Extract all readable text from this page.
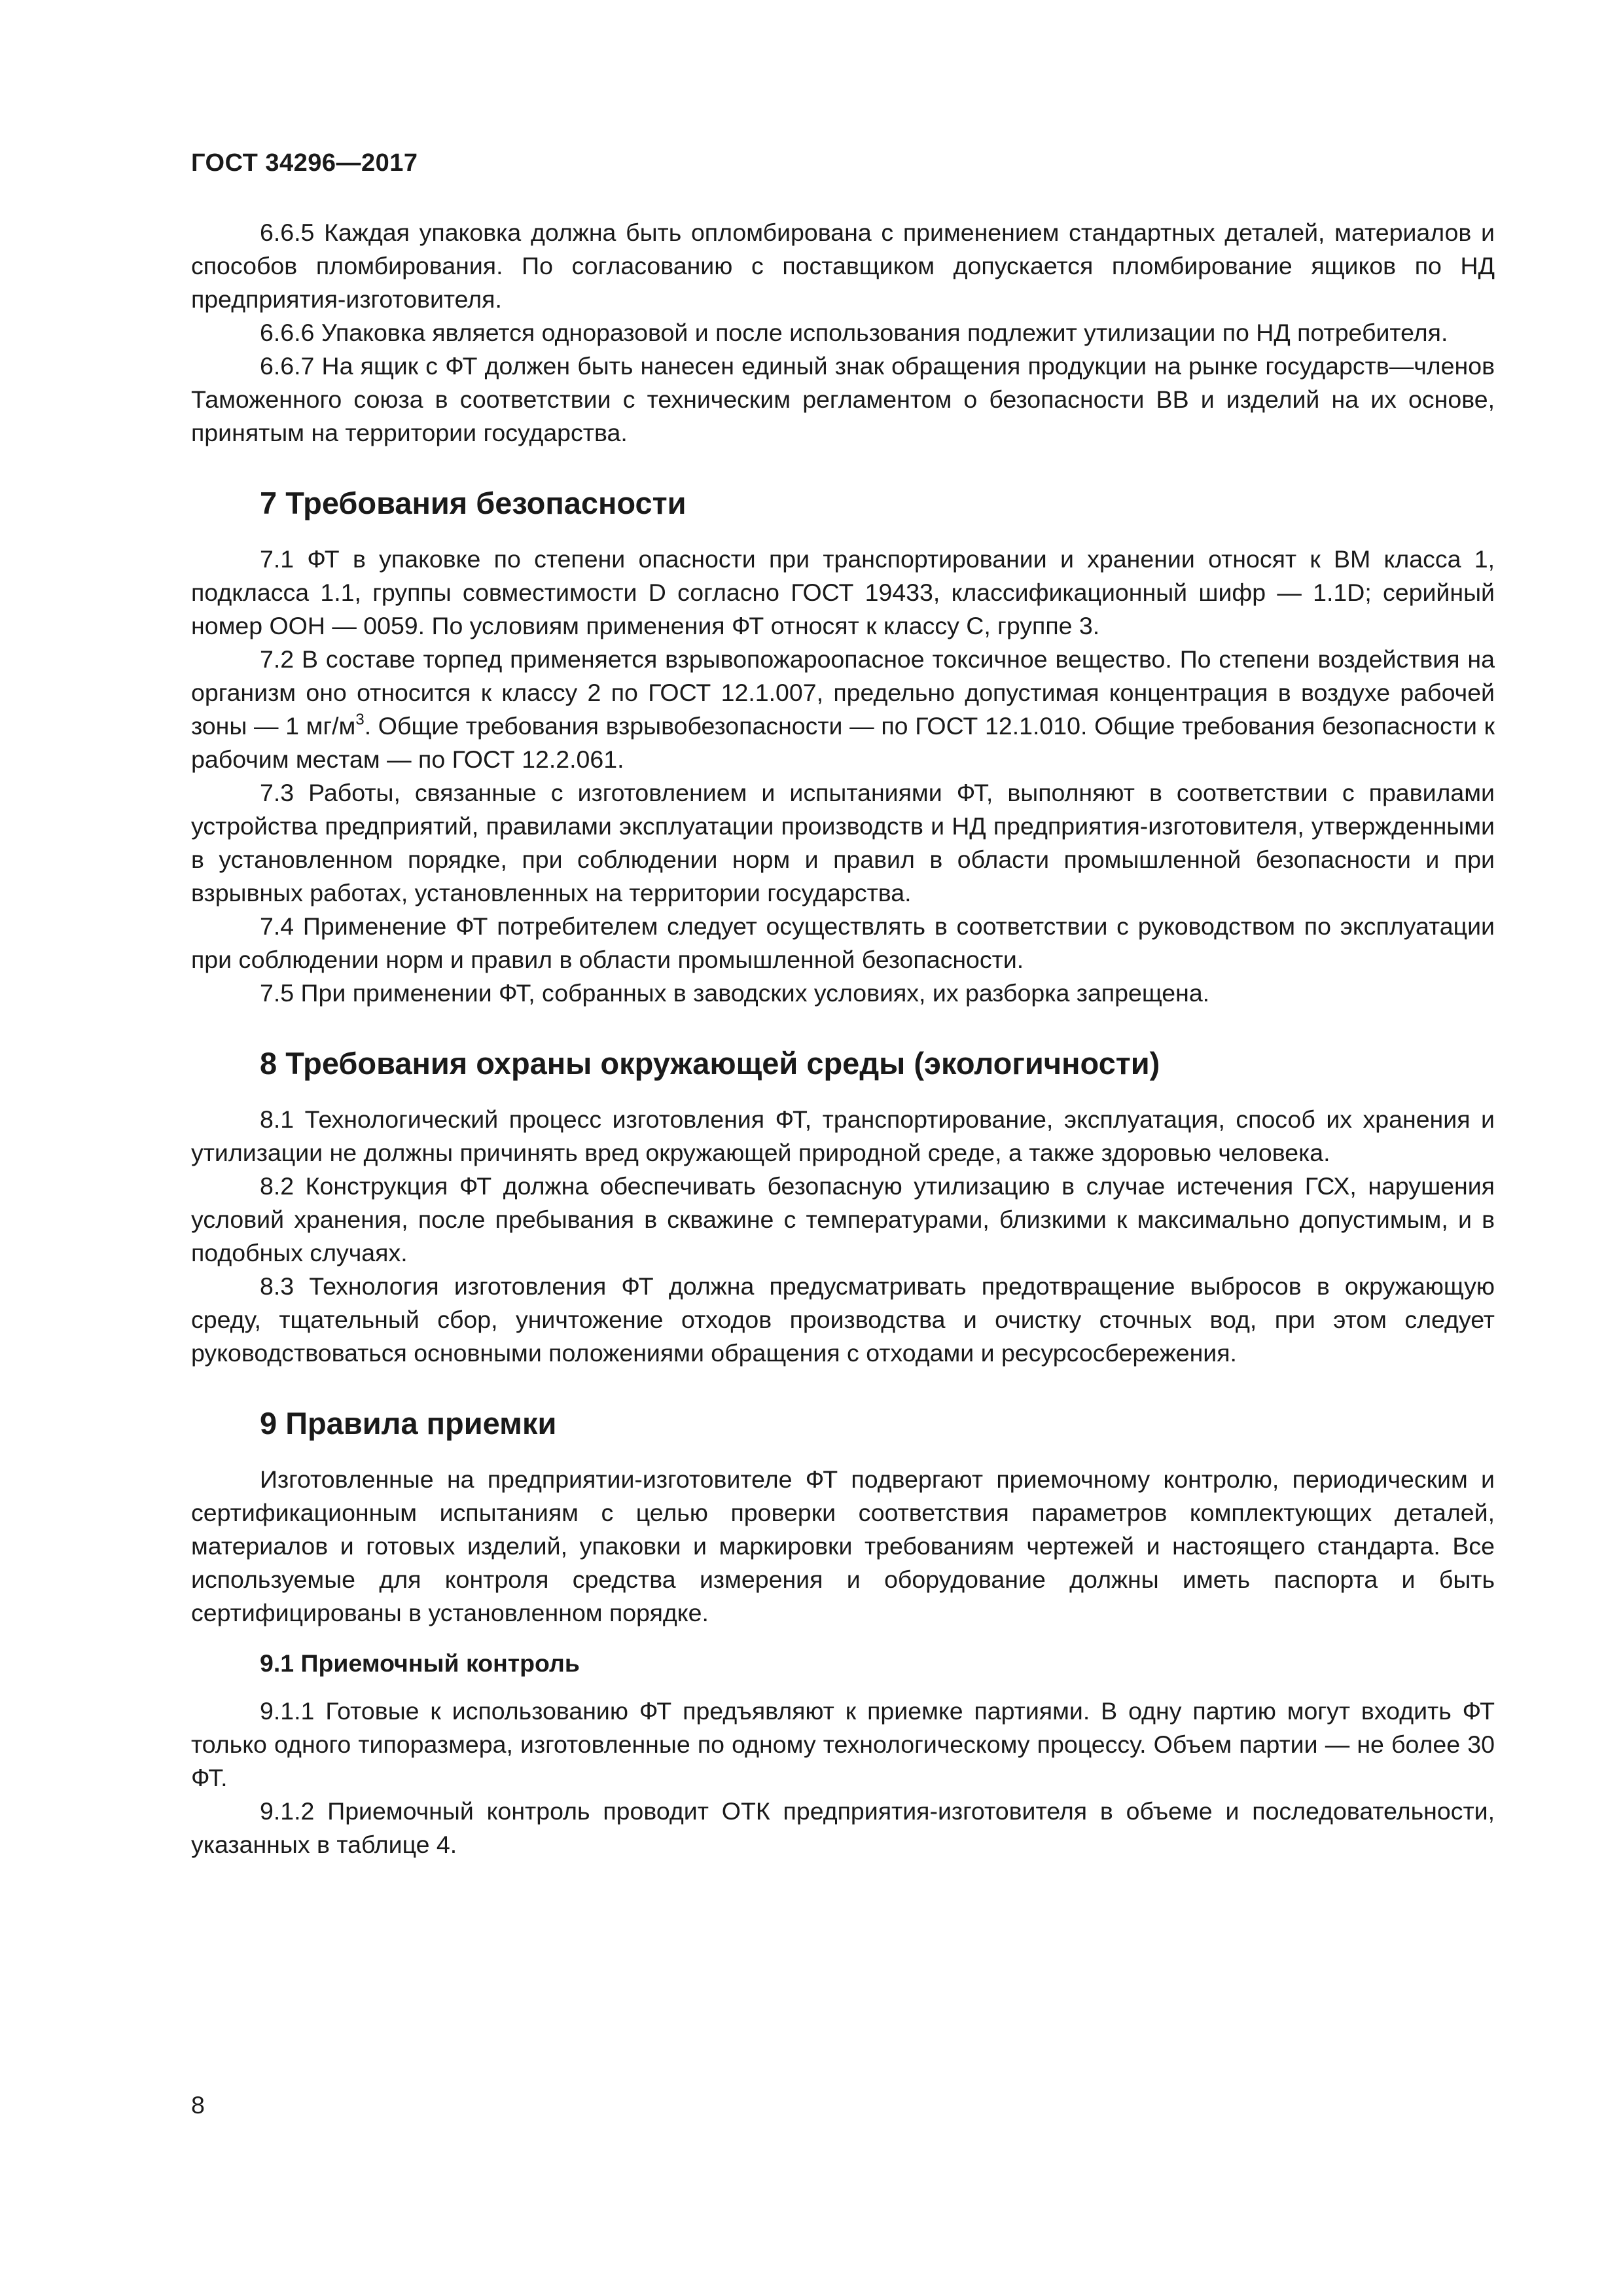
ГОСТ 34296—2017

6.6.5 Каждая упаковка должна быть опломбирована с применением стандартных деталей, материалов и способов пломбирования. По согласованию с поставщиком допускается пломбирование ящиков по НД предприятия-изготовителя.

6.6.6 Упаковка является одноразовой и после использования подлежит утилизации по НД потребителя.

6.6.7 На ящик с ФТ должен быть нанесен единый знак обращения продукции на рынке государств—членов Таможенного союза в соответствии с техническим регламентом о безопасности ВВ и изделий на их основе, принятым на территории государства.

7 Требования безопасности

7.1 ФТ в упаковке по степени опасности при транспортировании и хранении относят к ВМ класса 1, подкласса 1.1, группы совместимости D согласно ГОСТ 19433, классификационный шифр — 1.1D; серийный номер ООН — 0059. По условиям применения ФТ относят к классу С, группе 3.

7.2 В составе торпед применяется взрывопожароопасное токсичное вещество. По степени воздействия на организм оно относится к классу 2 по ГОСТ 12.1.007, предельно допустимая концентрация в воздухе рабочей зоны — 1 $мг/м^3$. Общие требования взрывобезопасности — по ГОСТ 12.1.010. Общие требования безопасности к рабочим местам — по ГОСТ 12.2.061.

7.3 Работы, связанные с изготовлением и испытаниями ФТ, выполняют в соответствии с правилами устройства предприятий, правилами эксплуатации производств и НД предприятия-изготовителя, утвержденными в установленном порядке, при соблюдении норм и правил в области промышленной безопасности и при взрывных работах, установленных на территории государства.

7.4 Применение ФТ потребителем следует осуществлять в соответствии с руководством по эксплуатации при соблюдении норм и правил в области промышленной безопасности.

7.5 При применении ФТ, собранных в заводских условиях, их разборка запрещена.

8 Требования охраны окружающей среды (экологичности)

8.1 Технологический процесс изготовления ФТ, транспортирование, эксплуатация, способ их хранения и утилизации не должны причинять вред окружающей природной среде, а также здоровью человека.

8.2 Конструкция ФТ должна обеспечивать безопасную утилизацию в случае истечения ГСХ, нарушения условий хранения, после пребывания в скважине с температурами, близкими к максимально допустимым, и в подобных случаях.

8.3 Технология изготовления ФТ должна предусматривать предотвращение выбросов в окружающую среду, тщательный сбор, уничтожение отходов производства и очистку сточных вод, при этом следует руководствоваться основными положениями обращения с отходами и ресурсосбережения.

9 Правила приемки

Изготовленные на предприятии-изготовителе ФТ подвергают приемочному контролю, периодическим и сертификационным испытаниям с целью проверки соответствия параметров комплектующих деталей, материалов и готовых изделий, упаковки и маркировки требованиям чертежей и настоящего стандарта. Все используемые для контроля средства измерения и оборудование должны иметь паспорта и быть сертифицированы в установленном порядке.

9.1 Приемочный контроль

9.1.1 Готовые к использованию ФТ предъявляют к приемке партиями. В одну партию могут входить ФТ только одного типоразмера, изготовленные по одному технологическому процессу. Объем партии — не более 30 ФТ.

9.1.2 Приемочный контроль проводит ОТК предприятия-изготовителя в объеме и последовательности, указанных в таблице 4.

8
